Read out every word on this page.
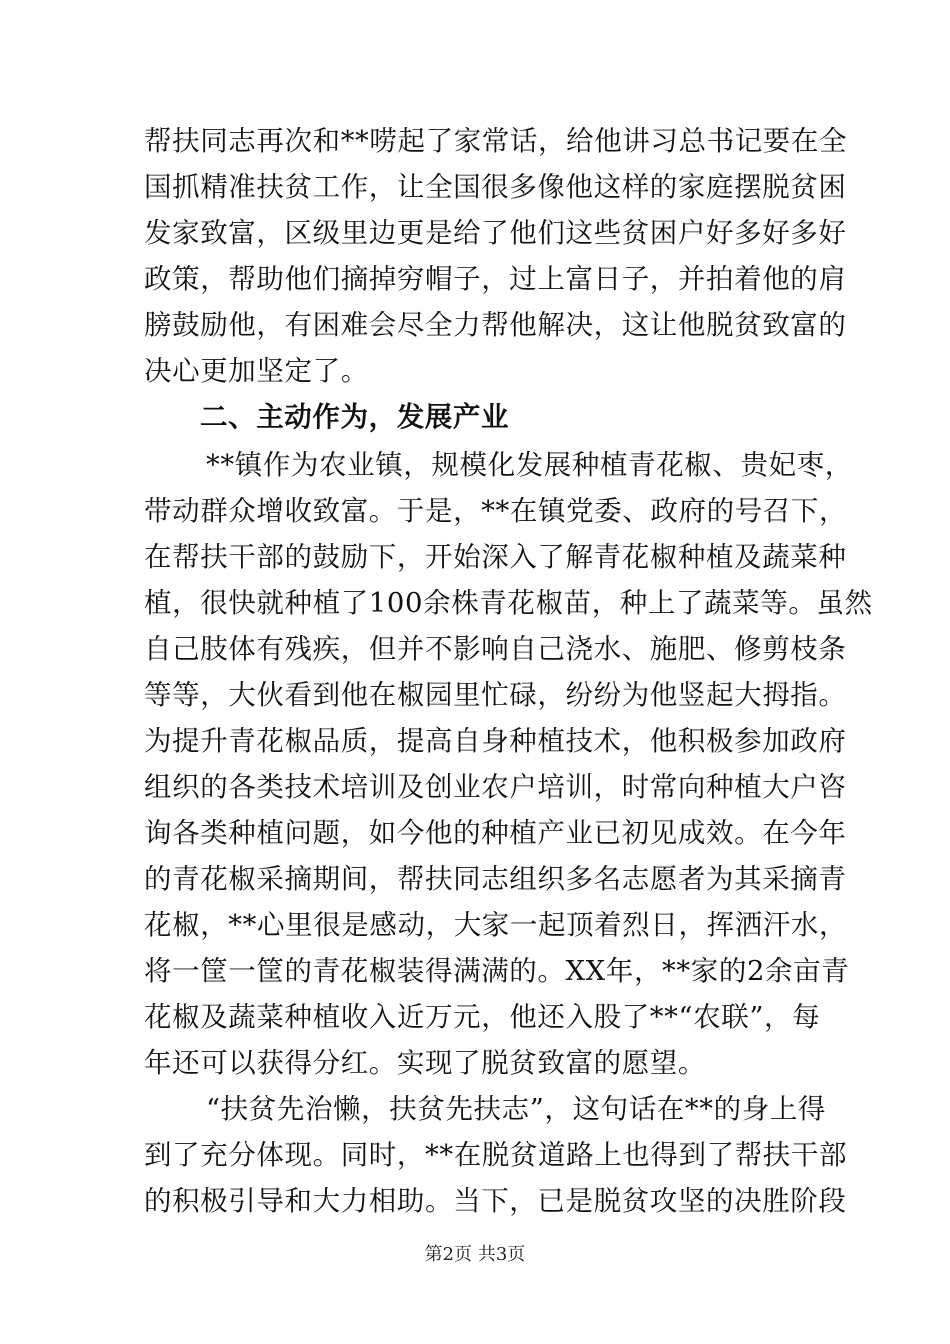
帮扶同志再次和**唠起了家常话，给他讲习总书记要在全
国抓精准扶贫工作，让全国很多像他这样的家庭摆脱贫困
发家致富，区级里边更是给了他们这些贫困户好多好多好
政策，帮助他们摘掉穷帽子，过上富日子，并拍着他的肩
膀鼓励他，有困难会尽全力帮他解决，这让他脱贫致富的
决心更加坚定了。
二、主动作为，发展产业
**镇作为农业镇，规模化发展种植青花椒、贵妃枣，
带动群众增收致富。于是，**在镇党委、政府的号召下，
在帮扶干部的鼓励下，开始深入了解青花椒种植及蔬菜种
植，很快就种植了100余株青花椒苗，种上了蔬菜等。虽然
自己肢体有残疾，但并不影响自己浇水、施肥、修剪枝条
等等，大伙看到他在椒园里忙碌，纷纷为他竖起大拇指。
为提升青花椒品质，提高自身种植技术，他积极参加政府
组织的各类技术培训及创业农户培训，时常向种植大户咨
询各类种植问题，如今他的种植产业已初见成效。在今年
的青花椒采摘期间，帮扶同志组织多名志愿者为其采摘青
花椒，**心里很是感动，大家一起顶着烈日，挥洒汗水，
将一筐一筐的青花椒装得满满的。XX年，**家的2余亩青
花椒及蔬菜种植收入近万元，他还入股了**“农联”，每
年还可以获得分红。实现了脱贫致富的愿望。
“扶贫先治懒，扶贫先扶志”，这句话在**的身上得
到了充分体现。同时，**在脱贫道路上也得到了帮扶干部
的积极引导和大力相助。当下，已是脱贫攻坚的决胜阶段
第2页 共3页
